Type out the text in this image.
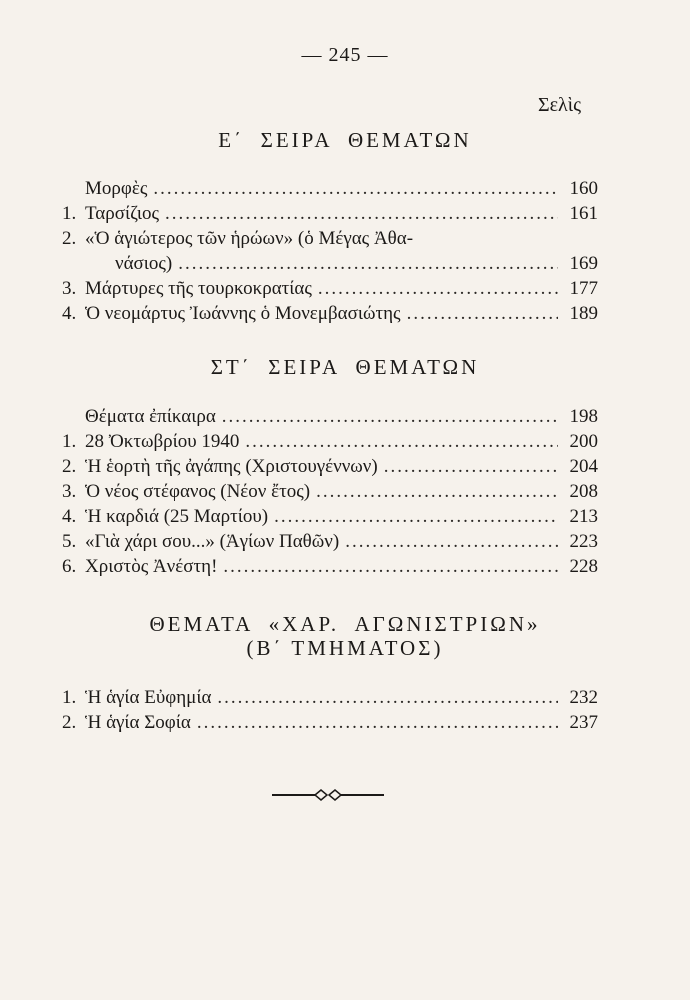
— 245 —
Σελὶς
Ε΄  ΣΕΙΡΑ  ΘΕΜΑΤΩΝ
Μορφὲς .....	160
1. Ταρσίζιος .....	161
2. «Ὁ ἁγιώτερος τῶν ἡρώων» (ὁ Μέγας Ἀθα-
νάσιος) .....	169
3. Μάρτυρες τῆς τουρκοκρατίας .....	177
4. Ὁ νεομάρτυς Ἰωάννης ὁ Μονεμβασιώτης .....	189
ΣΤ΄  ΣΕΙΡΑ  ΘΕΜΑΤΩΝ
Θέματα ἐπίκαιρα .....	198
1. 28 Ὀκτωβρίου 1940 .....	200
2. Ἡ ἑορτὴ τῆς ἀγάπης (Χριστουγέννων) .....	204
3. Ὁ νέος στέφανος (Νέον ἔτος) .....	208
4. Ἡ καρδιά (25 Μαρτίου) .....	213
5. «Γιὰ χάρι σου...» (Ἁγίων Παθῶν) .....	223
6. Χριστὸς Ἀνέστη! .....	228
ΘΕΜΑΤΑ  «ΧΑΡ.  ΑΓΩΝΙΣΤΡΙΩΝ»
(Β΄ ΤΜΗΜΑΤΟΣ)
1. Ἡ ἁγία Εὐφημία .....	232
2. Ἡ ἁγία Σοφία .....	237
